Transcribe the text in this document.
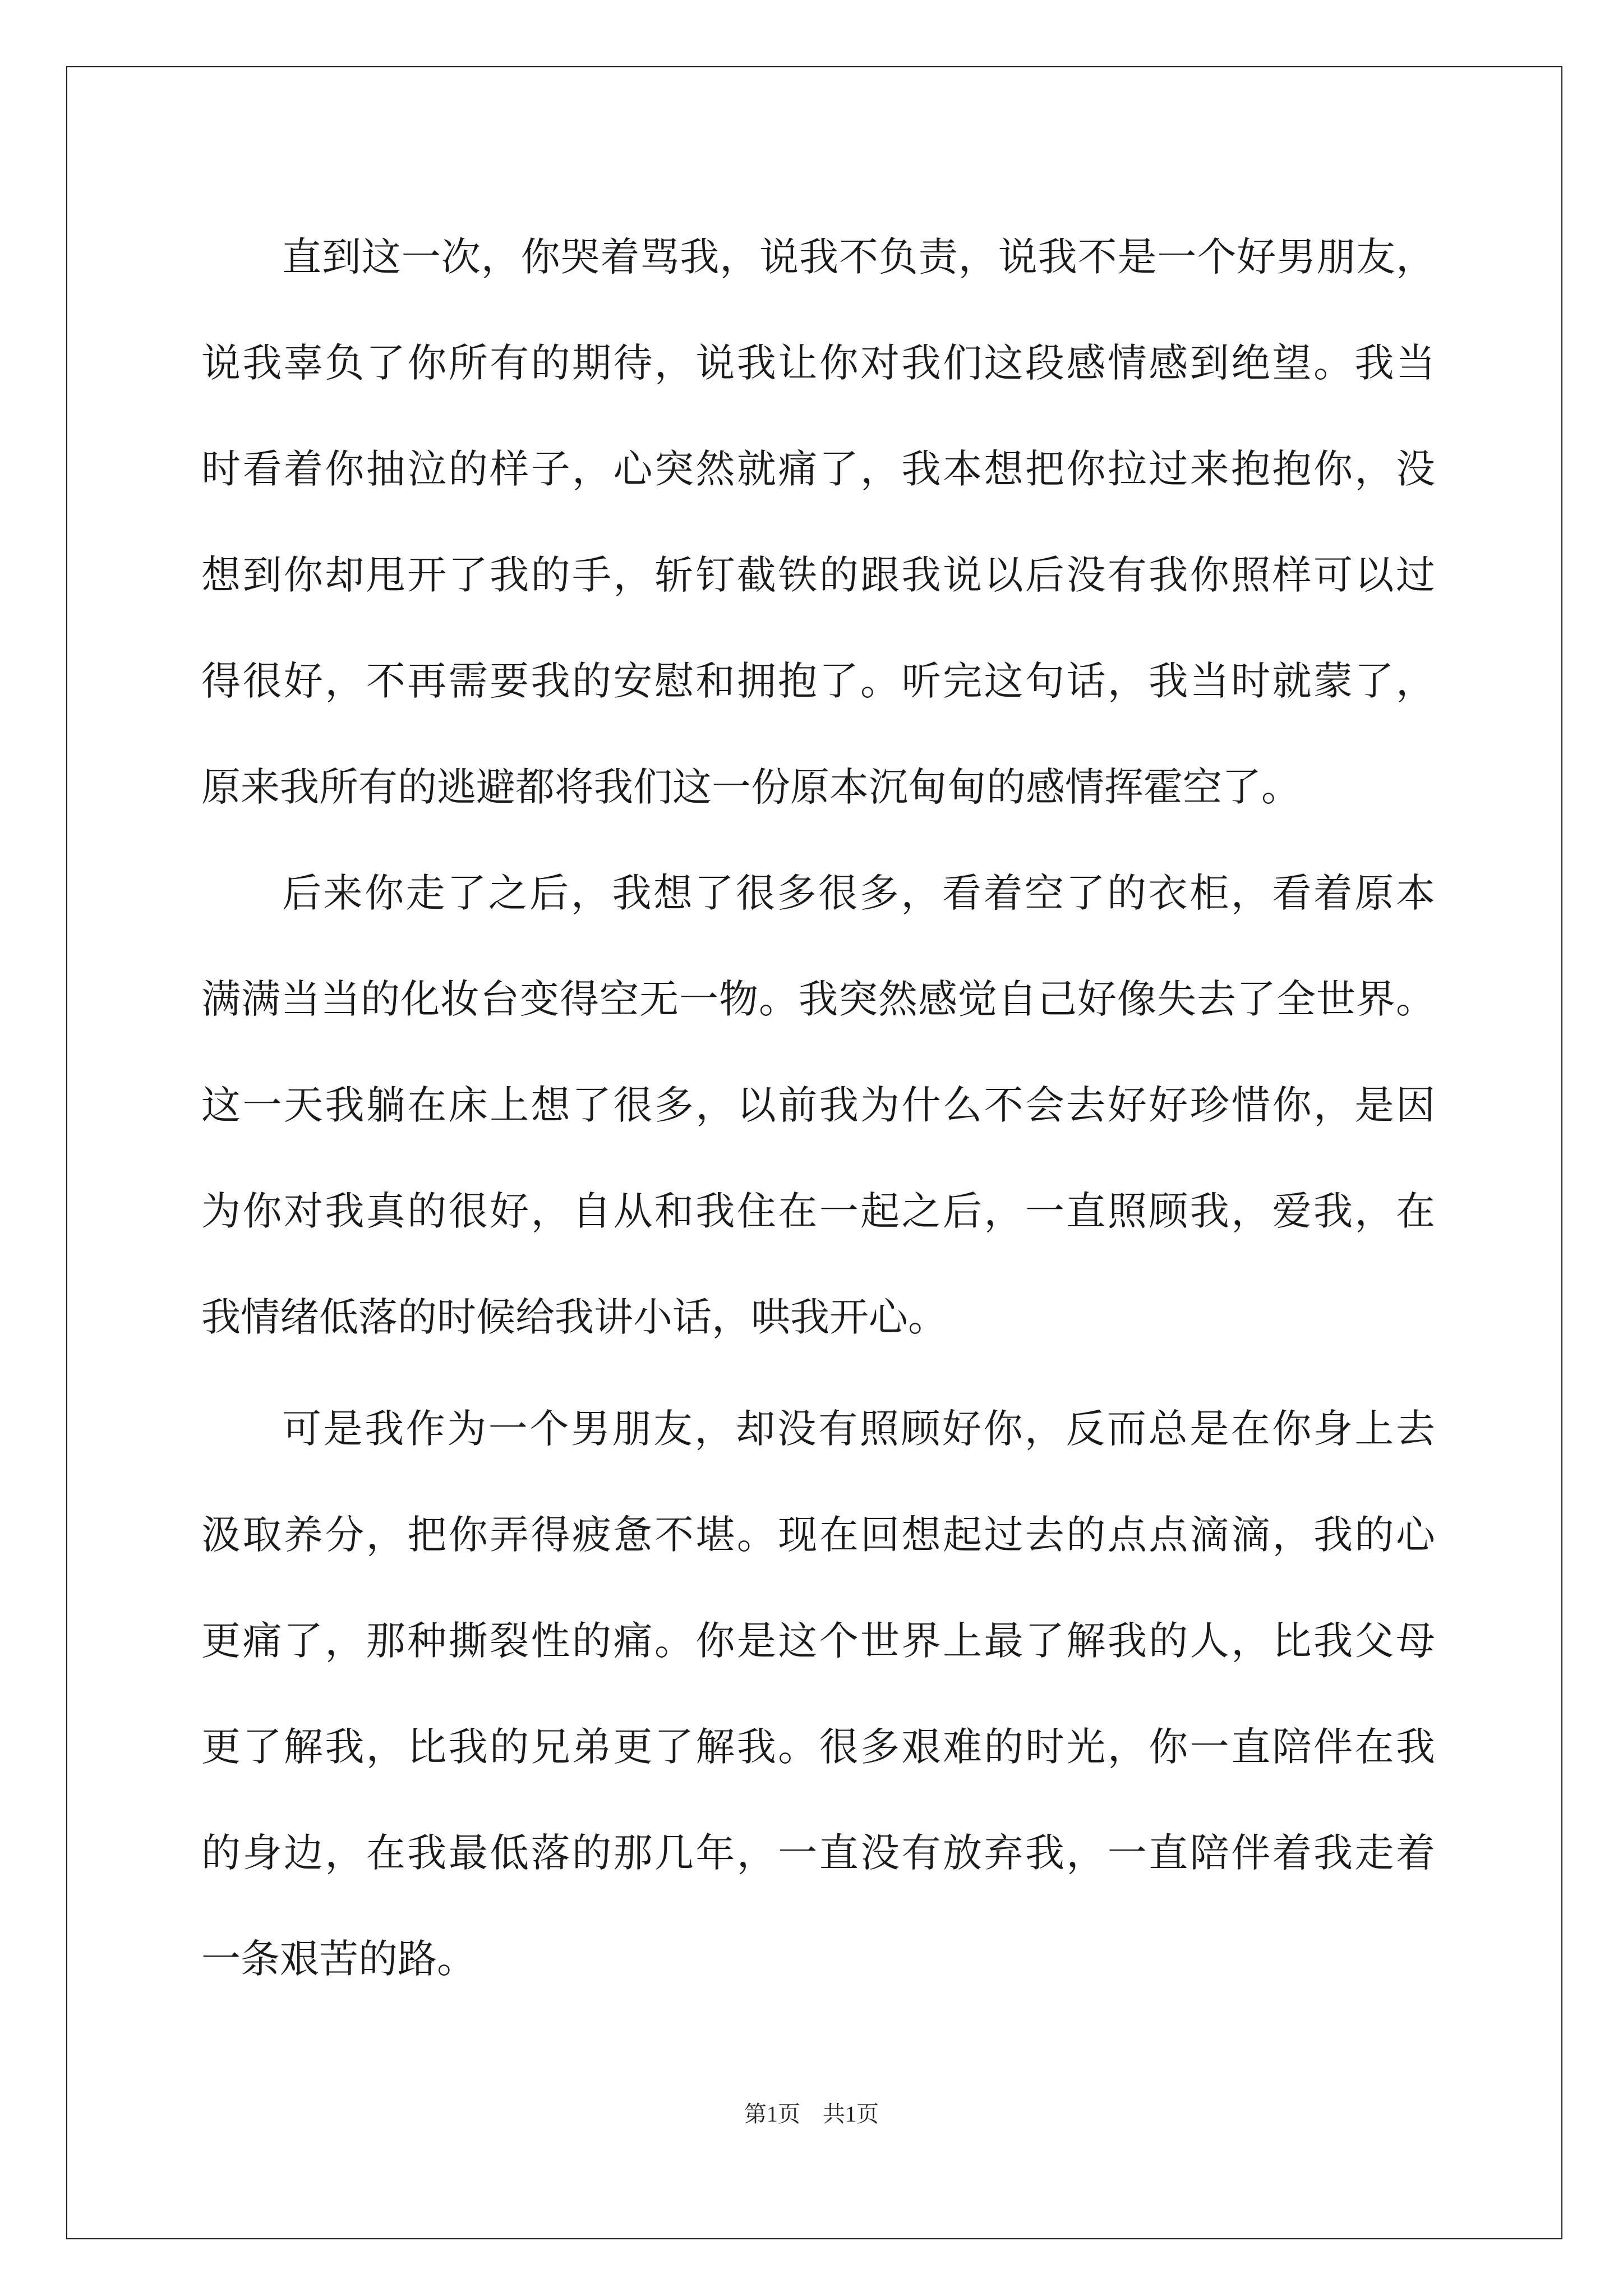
直到这一次，你哭着骂我，说我不负责，说我不是一个好男朋友，
说我辜负了你所有的期待，说我让你对我们这段感情感到绝望。我当
时看着你抽泣的样子，心突然就痛了，我本想把你拉过来抱抱你，没
想到你却甩开了我的手，斩钉截铁的跟我说以后没有我你照样可以过
得很好，不再需要我的安慰和拥抱了。听完这句话，我当时就蒙了，
原来我所有的逃避都将我们这一份原本沉甸甸的感情挥霍空了。
后来你走了之后，我想了很多很多，看着空了的衣柜，看着原本
满满当当的化妆台变得空无一物。我突然感觉自己好像失去了全世界。
这一天我躺在床上想了很多，以前我为什么不会去好好珍惜你，是因
为你对我真的很好，自从和我住在一起之后，一直照顾我，爱我，在
我情绪低落的时候给我讲小话，哄我开心。
可是我作为一个男朋友，却没有照顾好你，反而总是在你身上去
汲取养分，把你弄得疲惫不堪。现在回想起过去的点点滴滴，我的心
更痛了，那种撕裂性的痛。你是这个世界上最了解我的人，比我父母
更了解我，比我的兄弟更了解我。很多艰难的时光，你一直陪伴在我
的身边，在我最低落的那几年，一直没有放弃我，一直陪伴着我走着
一条艰苦的路。
第1页　共1页
